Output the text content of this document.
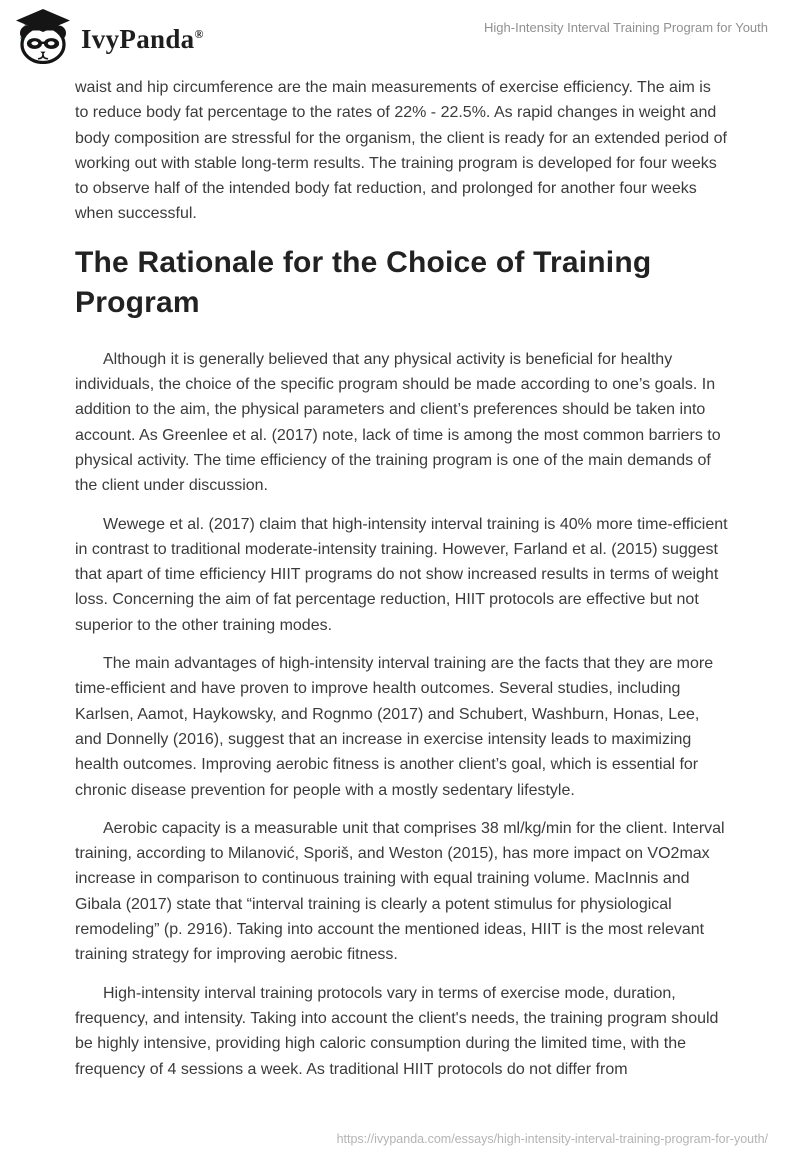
IvyPanda®	High-Intensity Interval Training Program for Youth

waist and hip circumference are the main measurements of exercise efficiency. The aim is to reduce body fat percentage to the rates of 22% - 22.5%. As rapid changes in weight and body composition are stressful for the organism, the client is ready for an extended period of working out with stable long-term results. The training program is developed for four weeks to observe half of the intended body fat reduction, and prolonged for another four weeks when successful.

The Rationale for the Choice of Training Program

Although it is generally believed that any physical activity is beneficial for healthy individuals, the choice of the specific program should be made according to one’s goals. In addition to the aim, the physical parameters and client’s preferences should be taken into account. As Greenlee et al. (2017) note, lack of time is among the most common barriers to physical activity. The time efficiency of the training program is one of the main demands of the client under discussion.

Wewege et al. (2017) claim that high-intensity interval training is 40% more time-efficient in contrast to traditional moderate-intensity training. However, Farland et al. (2015) suggest that apart of time efficiency HIIT programs do not show increased results in terms of weight loss. Concerning the aim of fat percentage reduction, HIIT protocols are effective but not superior to the other training modes.

The main advantages of high-intensity interval training are the facts that they are more time-efficient and have proven to improve health outcomes. Several studies, including Karlsen, Aamot, Haykowsky, and Rognmo (2017) and Schubert, Washburn, Honas, Lee, and Donnelly (2016), suggest that an increase in exercise intensity leads to maximizing health outcomes. Improving aerobic fitness is another client’s goal, which is essential for chronic disease prevention for people with a mostly sedentary lifestyle.

Aerobic capacity is a measurable unit that comprises 38 ml/kg/min for the client. Interval training, according to Milanović, Sporiš, and Weston (2015), has more impact on VO2max increase in comparison to continuous training with equal training volume. MacInnis and Gibala (2017) state that “interval training is clearly a potent stimulus for physiological remodeling” (p. 2916). Taking into account the mentioned ideas, HIIT is the most relevant training strategy for improving aerobic fitness.

High-intensity interval training protocols vary in terms of exercise mode, duration, frequency, and intensity. Taking into account the client's needs, the training program should be highly intensive, providing high caloric consumption during the limited time, with the frequency of 4 sessions a week. As traditional HIIT protocols do not differ from

https://ivypanda.com/essays/high-intensity-interval-training-program-for-youth/
